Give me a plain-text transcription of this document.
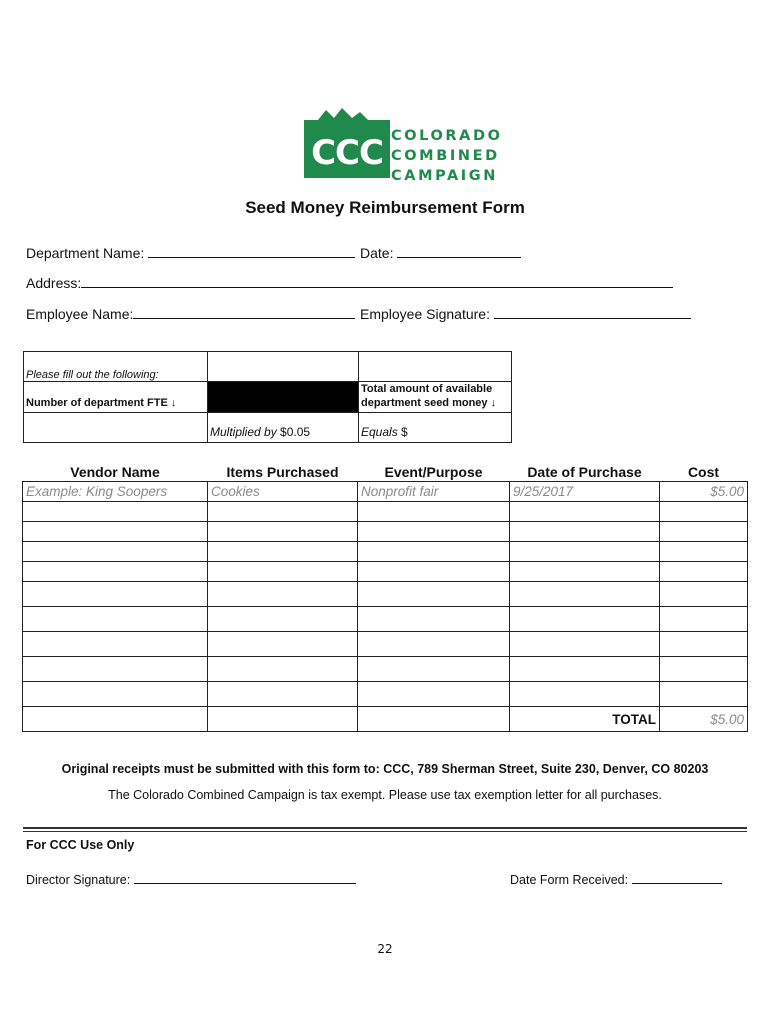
CCC COLORADO
COMBINED
CAMPAIGN
Seed Money Reimbursement Form
Department Name:	Date:
Address:
Employee Name:	Employee Signature:
Please fill out the following:		
Number of department FTE ↓		Total amount of available
department seed money ↓

	Multiplied by $0.05	Equals $
Vendor Name	Items Purchased	Event/Purpose	Date of Purchase	Cost
Example: King Soopers	Cookies	Nonprofit fair	9/25/2017	$5.00

			TOTAL	$5.00
Original receipts must be submitted with this form to: CCC, 789 Sherman Street, Suite 230, Denver, CO 80203
The Colorado Combined Campaign is tax exempt. Please use tax exemption letter for all purchases.
For CCC Use Only
Director Signature:	Date Form Received:
22
